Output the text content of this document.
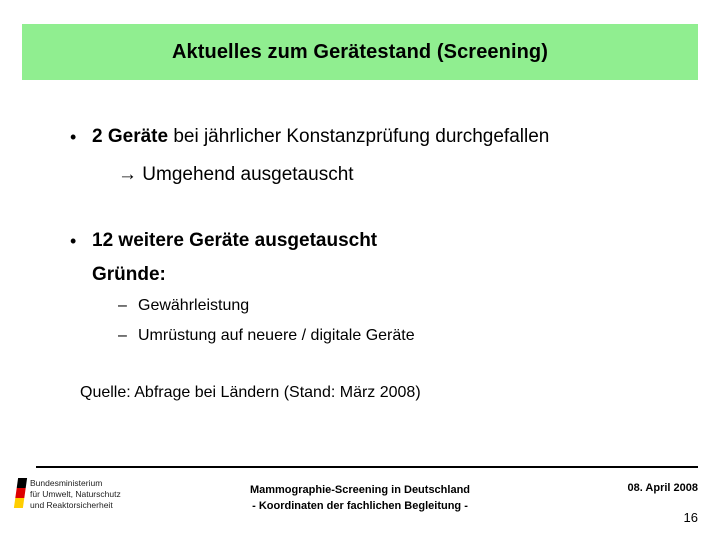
Aktuelles zum Gerätestand (Screening)
• 2 Geräte bei jährlicher Konstanzprüfung durchgefallen
→ Umgehend ausgetauscht
• 12 weitere Geräte ausgetauscht
Gründe:
– Gewährleistung
– Umrüstung auf neuere / digitale Geräte
Quelle: Abfrage bei Ländern (Stand: März 2008)
Bundesministerium
für Umwelt, Naturschutz
und Reaktorsicherheit
Mammographie-Screening in Deutschland
- Koordinaten der fachlichen Begleitung -
08. April 2008
16
